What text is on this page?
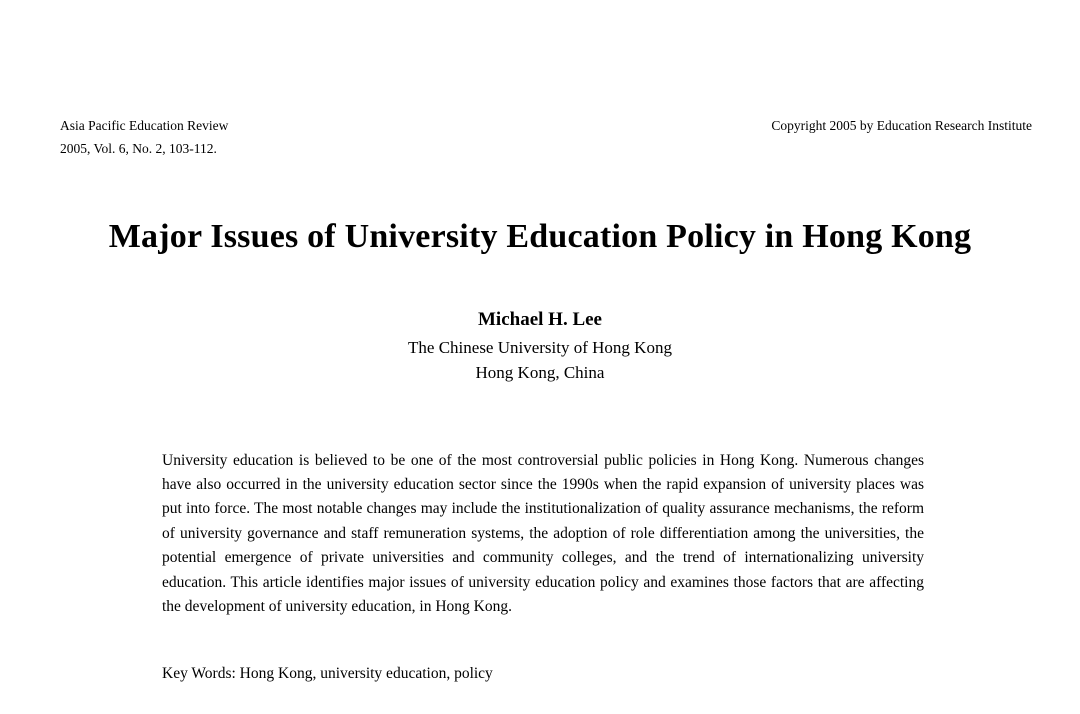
Asia Pacific Education Review
2005, Vol. 6, No. 2, 103-112.
Copyright 2005 by Education Research Institute
Major Issues of University Education Policy in Hong Kong
Michael H. Lee
The Chinese University of Hong Kong
Hong Kong, China

University education is believed to be one of the most controversial public policies in Hong Kong. Numerous changes have also occurred in the university education sector since the 1990s when the rapid expansion of university places was put into force. The most notable changes may include the institutionalization of quality assurance mechanisms, the reform of university governance and staff remuneration systems, the adoption of role differentiation among the universities, the potential emergence of private universities and community colleges, and the trend of internationalizing university education. This article identifies major issues of university education policy and examines those factors that are affecting the development of university education, in Hong Kong.

Key Words: Hong Kong, university education, policy
